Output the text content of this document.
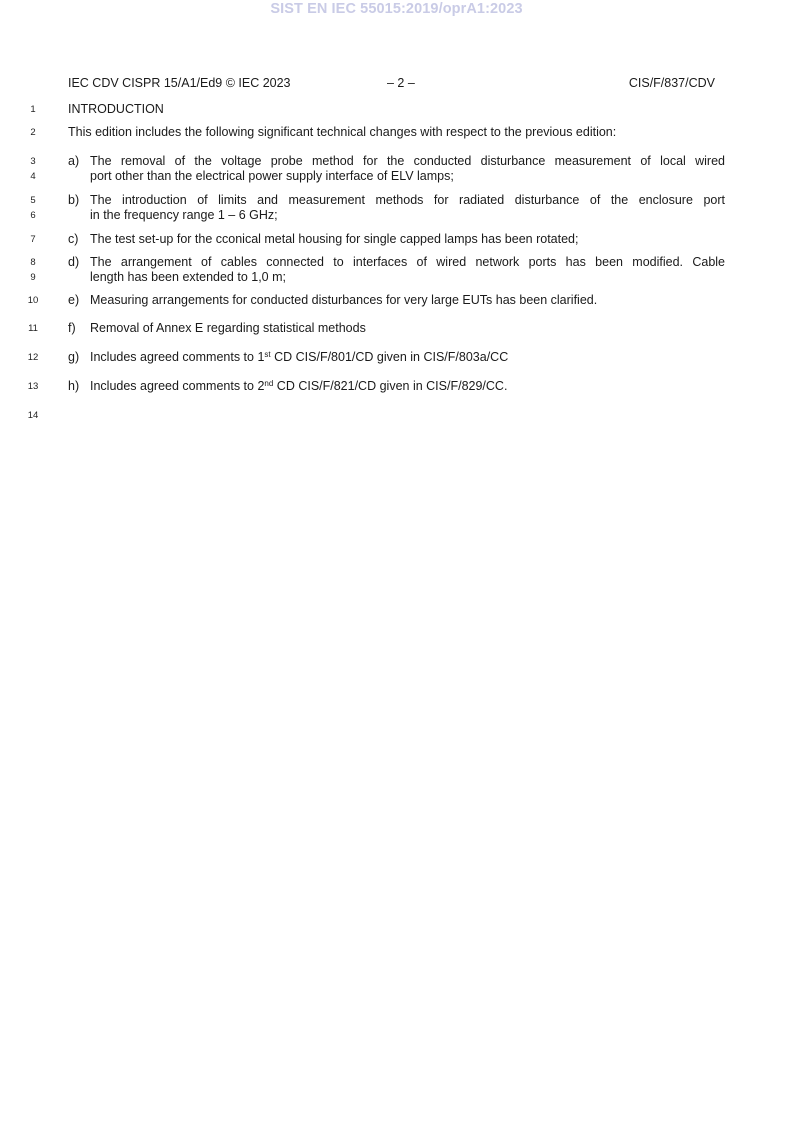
SIST EN IEC 55015:2019/oprA1:2023
IEC CDV CISPR 15/A1/Ed9 © IEC 2023	– 2 –	CIS/F/837/CDV
1
2
3
4
5
6
7
8
9
10
11
12
13
14
INTRODUCTION
This edition includes the following significant technical changes with respect to the previous edition:
a) The removal of the voltage probe method for the conducted disturbance measurement of local wired
port other than the electrical power supply interface of ELV lamps;
b) The introduction of limits and measurement methods for radiated disturbance of the enclosure port
in the frequency range 1 – 6 GHz;
c) The test set-up for the cconical metal housing for single capped lamps has been rotated;
d) The arrangement of cables connected to interfaces of wired network ports has been modified. Cable
length has been extended to 1,0 m;
e) Measuring arrangements for conducted disturbances for very large EUTs has been clarified.
f) Removal of Annex E regarding statistical methods
g) Includes agreed comments to 1st CD CIS/F/801/CD given in CIS/F/803a/CC
h) Includes agreed comments to 2nd CD CIS/F/821/CD given in CIS/F/829/CC.
